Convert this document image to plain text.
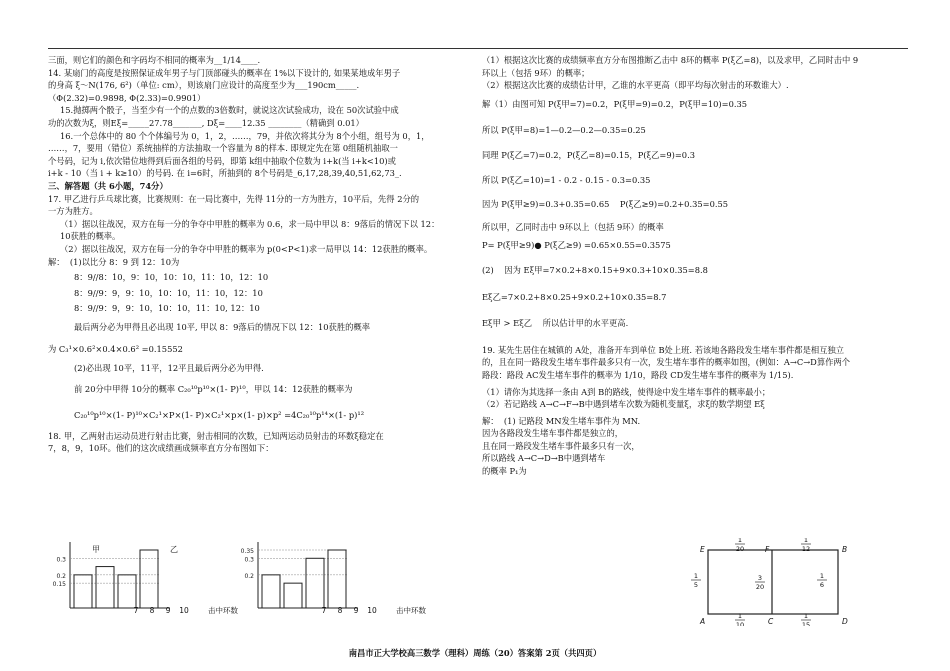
三面，则它们的颜色和字码均不相同的概率为__1/14____.
14. 某扇门的高度是按照保证成年男子与门顶部碰头的概率在 1%以下设计的, 如果某地成年男子
的身高 ξ～N(176, 6²)（单位: cm），则该扇门应设计的高度至少为___190cm_____.
（Φ(2.32)=0.9898, Φ(2.33)=0.9901）
15.抛掷两个骰子，当至少有一个的点数的3倍数时，就说这次试验成功，设在 50次试验中成
功的次数为ξ，则Eξ=_____27.78_______, Dξ=____12.35 ________（精确到 0.01）
16.一个总体中的 80 个个体编号为 0，1，2，……，79，并依次将其分为 8个小组，组号为 0，1，
……，7，要用（错位）系统抽样的方法抽取一个容量为 8的样本. 即规定先在第 0组随机抽取一
个号码，记为 i,依次错位地得到后面各组的号码，即第 k组中抽取个位数为 i+k(当 i+k<10)或
i+k - 10（当 i + k≥10）的号码. 在 i=6时，所抽到的 8个号码是_6,17,28,39,40,51,62,73_.
三、解答题（共 6小题，74分）
17. 甲乙进行乒乓球比赛，比赛规则：在一局比赛中，先得 11分的一方为胜方，10平后，先得 2分的
一方为胜方。
（1）据以往战况，双方在每一分的争夺中甲胜的概率为 0.6，求一局中甲以 8：9落后的情况下以 12：
10获胜的概率。
（2）据以往战况，双方在每一分的争夺中甲胜的概率为 p(0<P<1)求一局甲以 14：12获胜的概率。
解：  (1)以比分 8：9 到 12：10为
8：9//8：10，9：10，10：10，11：10，12：10
8：9//9：9，9：10，10：10，11：10，12：10
8：9//9：9，9：10，10：10，11：10, 12：10
最后两分必为甲得且必出现 10平, 甲以 8：9落后的情况下以 12：10获胜的概率
为 C₃¹×0.6²×0.4×0.6² =0.15552
(2)必出现 10平，11平，12平且最后两分必为甲得.
前 20分中甲得 10分的概率 C₂₀¹⁰p¹⁰×(1- P)¹⁰，甲以 14：12获胜的概率为
C₂₀¹⁰p¹⁰×(1- P)¹⁰×C₂¹×P×(1- P)×C₂¹×p×(1- p)×p² =4C₂₀¹⁰p¹⁴×(1- p)¹²
18. 甲，乙两射击运动员进行射击比赛，射击相同的次数，已知两运动员射击的环数ξ稳定在
7，8，9，10环。他们的这次成绩画成频率直方分布图如下：
（1）根据这次比赛的成绩频率直方分布图推断乙击中 8环的概率 P(ξ乙=8)，以及求甲，乙同时击中 9
环以上（包括 9环）的概率；
（2）根据这次比赛的成绩估计甲，乙谁的水平更高（即平均每次射击的环数谁大）.
解（1）由图可知 P(ξ甲=7)=0.2，P(ξ甲=9)=0.2，P(ξ甲=10)=0.35
所以 P(ξ甲=8)=1—0.2—0.2—0.35=0.25
同理 P(ξ乙=7)=0.2，P(ξ乙=8)=0.15，P(ξ乙=9)=0.3
所以 P(ξ乙=10)=1 - 0.2 - 0.15 - 0.3=0.35
因为 P(ξ甲≥9)=0.3+0.35=0.65    P(ξ乙≥9)=0.2+0.35=0.55
所以甲，乙同时击中 9环以上（包括 9环）的概率
P= P(ξ甲≥9)● P(ξ乙≥9) =0.65×0.55=0.3575
(2)    因为 Eξ甲=7×0.2+8×0.15+9×0.3+10×0.35=8.8
Eξ乙=7×0.2+8×0.25+9×0.2+10×0.35=8.7
Eξ甲 > Eξ乙    所以估计甲的水平更高.
19. 某先生居住在城镇的 A处，准备开车到单位 B处上班. 若该地各路段发生堵车事件都是相互独立
的，且在同一路段发生堵车事件最多只有一次，发生堵车事件的概率如图，(例如：A→C→D算作两个
路段：路段 AC发生堵车事件的概率为 1/10，路段 CD发生堵车事件的概率为 1/15).
（1）请你为其选择一条由 A到 B的路线，使得途中发生堵车事件的概率最小；
（2）若记路线 A→C→F→B中遇到堵车次数为随机变量ξ，求ξ的数学期望 Eξ
解：  (1) 记路段 MN发生堵车事件为 MN.
因为各路段发生堵车事件都是独立的，
且在同一路段发生堵车事件最多只有一次，
所以路线 A→C→D→B中遇到堵车
的概率 P₁为
0.3
0.2
0.15
7 8 9 10
甲
击中环数
0.35
0.3
0.2
7 8 9 10
乙
击中环数
E	F	B
A	C	D
1
20
1
12
1
5
3
20
1
6
1
10
1
15
南昌市正大学校高三数学（理科）周练（20）答案第 2页（共四页）
